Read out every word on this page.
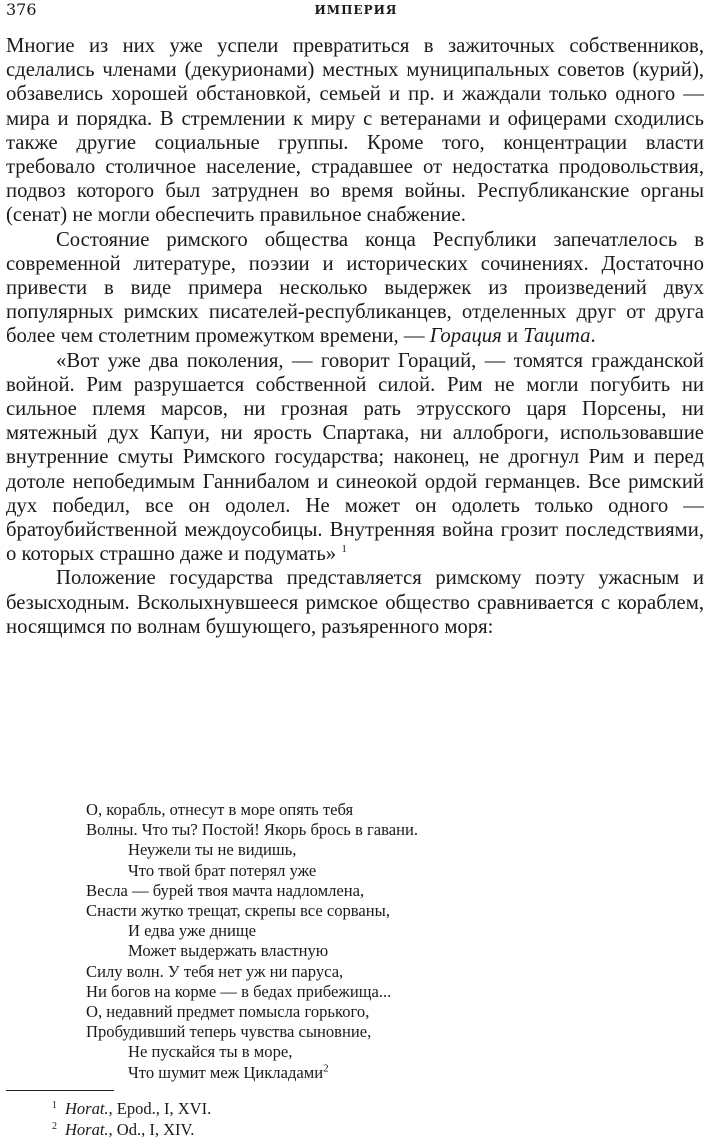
376	ИМПЕРИЯ

Многие из них уже успели превратиться в зажиточных собственников, сделались членами (декурионами) местных муниципальных советов (курий), обзавелись хорошей обстановкой, семьей и пр. и жаждали только одного — мира и порядка. В стремлении к миру с ветеранами и офицерами сходились также другие социальные группы. Кроме того, концентрации власти требовало столичное население, страдавшее от недостатка продовольствия, подвоз которого был затруднен во время войны. Республиканские органы (сенат) не могли обеспечить правильное снабжение.

Состояние римского общества конца Республики запечатлелось в современной литературе, поэзии и исторических сочинениях. Достаточно привести в виде примера несколько выдержек из произведений двух популярных римских писателей-республиканцев, отделенных друг от друга более чем столетним промежутком времени, — Горация и Тацита.

«Вот уже два поколения, — говорит Гораций, — томятся гражданской войной. Рим разрушается собственной силой. Рим не могли погубить ни сильное племя марсов, ни грозная рать этрусского царя Порсены, ни мятежный дух Капуи, ни ярость Спартака, ни аллоброги, использовавшие внутренние смуты Римского государства; наконец, не дрогнул Рим и перед дотоле непобедимым Ганнибалом и синеокой ордой германцев. Все римский дух победил, все он одолел. Не может он одолеть только одного — братоубийственной междоусобицы. Внутренняя война грозит последствиями, о которых страшно даже и подумать» $^1$

Положение государства представляется римскому поэту ужасным и безысходным. Всколыхнувшееся римское общество сравнивается с кораблем, носящимся по волнам бушующего, разъяренного моря:

О, корабль, отнесут в море опять тебя
Волны. Что ты? Постой! Якорь брось в гавани.
Неужели ты не видишь,
Что твой брат потерял уже
Весла — бурей твоя мачта надломлена,
Снасти жутко трещат, скрепы все сорваны,
И едва уже днище
Может выдержать властную
Силу волн. У тебя нет уж ни паруса,
Ни богов на корме — в бедах прибежища...
О, недавний предмет помысла горького,
Пробудивший теперь чувства сыновние,
Не пускайся ты в море,
Что шумит меж Цикладами$^2$
$^1$ Horat., Epod., I, XVI.
$^2$ Horat., Od., I, XIV.
